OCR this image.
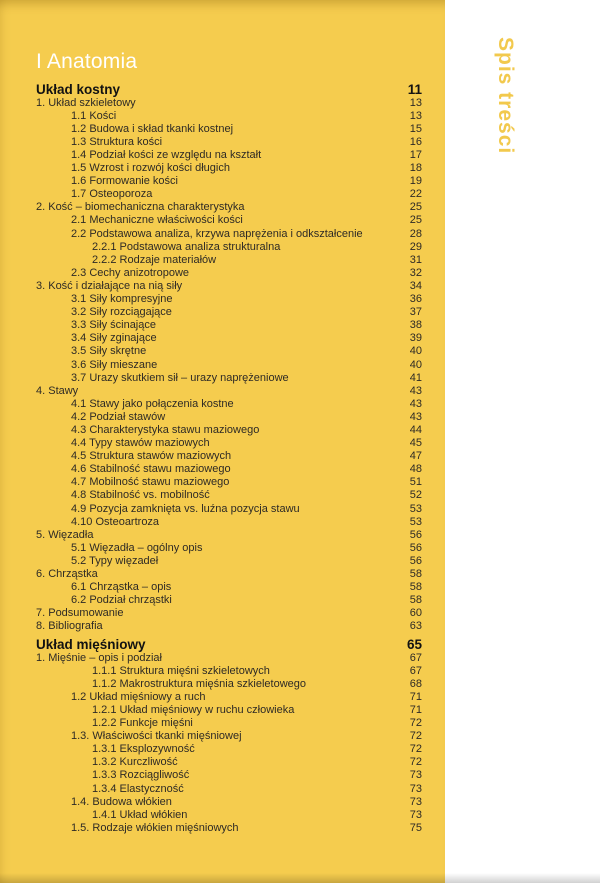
I Anatomia
Układ kostny	11
1. Układ szkieletowy	13
1.1 Kości	13
1.2 Budowa i skład tkanki kostnej	15
1.3 Struktura kości	16
1.4 Podział kości ze względu na kształt	17
1.5 Wzrost i rozwój kości długich	18
1.6 Formowanie kości	19
1.7 Osteoporoza	22
2. Kość – biomechaniczna charakterystyka	25
2.1 Mechaniczne właściwości kości	25
2.2 Podstawowa analiza, krzywa naprężenia i odkształcenie	28
2.2.1 Podstawowa analiza strukturalna	29
2.2.2 Rodzaje materiałów	31
2.3 Cechy anizotropowe	32
3. Kość i działające na nią siły	34
3.1 Siły kompresyjne	36
3.2 Siły rozciągające	37
3.3 Siły ścinające	38
3.4 Siły zginające	39
3.5 Siły skrętne	40
3.6 Siły mieszane	40
3.7 Urazy skutkiem sił – urazy naprężeniowe	41
4. Stawy	43
4.1 Stawy jako połączenia kostne	43
4.2 Podział stawów	43
4.3 Charakterystyka stawu maziowego	44
4.4 Typy stawów maziowych	45
4.5 Struktura stawów maziowych	47
4.6 Stabilność stawu maziowego	48
4.7 Mobilność stawu maziowego	51
4.8 Stabilność vs. mobilność	52
4.9 Pozycja zamknięta vs. luźna pozycja stawu	53
4.10 Osteoartroza	53
5. Więzadła	56
5.1 Więzadła – ogólny opis	56
5.2 Typy więzadeł	56
6. Chrząstka	58
6.1 Chrząstka – opis	58
6.2 Podział chrząstki	58
7. Podsumowanie	60
8. Bibliografia	63
Układ mięśniowy	65
1. Mięśnie – opis i podział	67
1.1.1 Struktura mięśni szkieletowych	67
1.1.2 Makrostruktura mięśnia szkieletowego	68
1.2 Układ mięśniowy a ruch	71
1.2.1 Układ mięśniowy w ruchu człowieka	71
1.2.2 Funkcje mięśni	72
1.3. Właściwości tkanki mięśniowej	72
1.3.1 Eksplozywność	72
1.3.2 Kurczliwość	72
1.3.3 Rozciągliwość	73
1.3.4 Elastyczność	73
1.4. Budowa włókien	73
1.4.1 Układ włókien	73
1.5. Rodzaje włókien mięśniowych	75
Spis treści
